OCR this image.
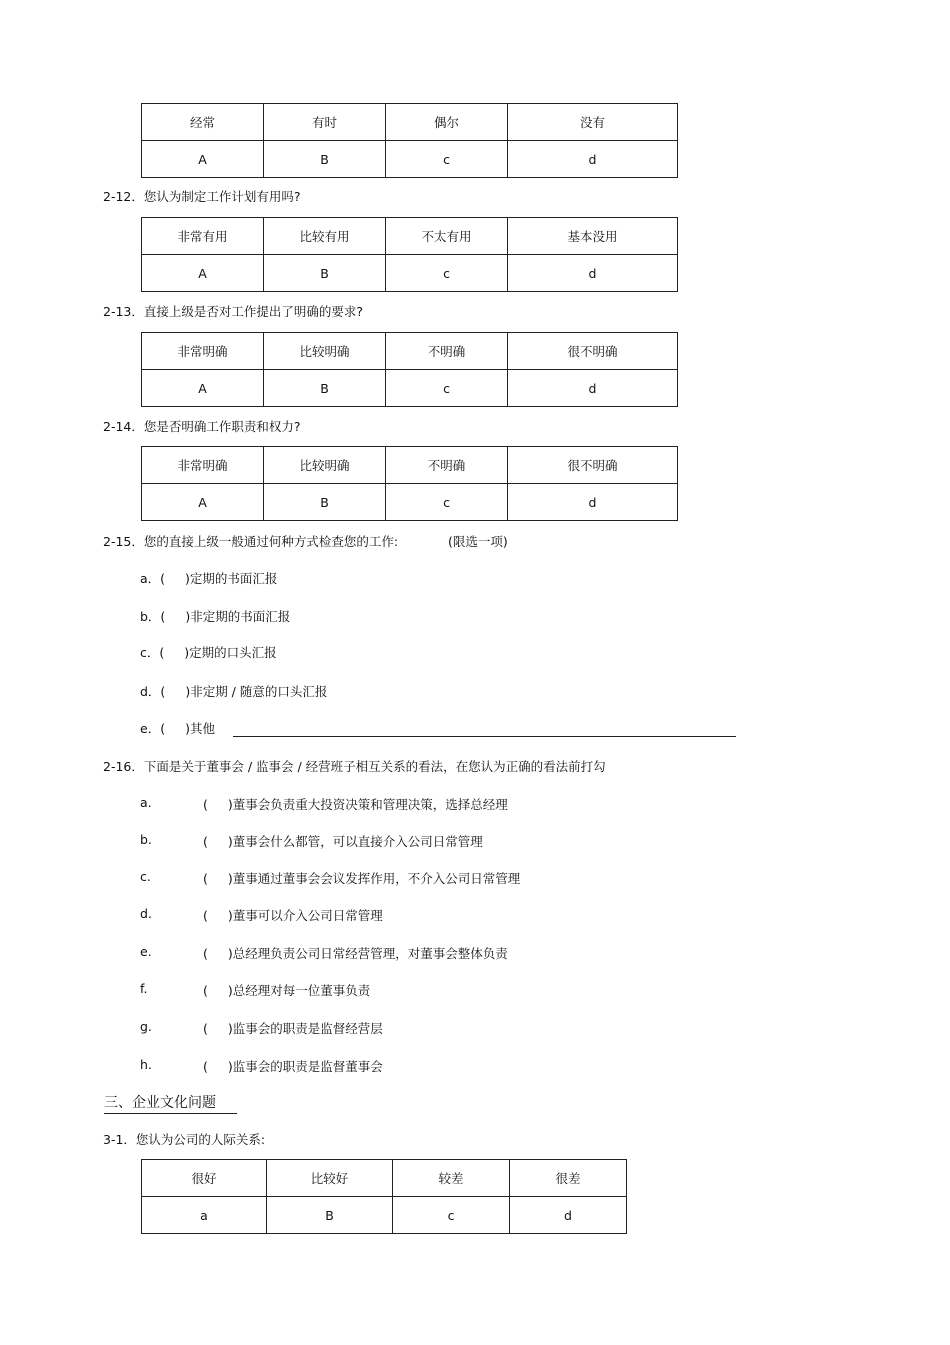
经常	有时	偶尔	没有
A	B	c	d
2-12．您认为制定工作计划有用吗?
非常有用	比较有用	不太有用	基本没用
A	B	c	d
2-13．直接上级是否对工作提出了明确的要求?
非常明确	比较明确	不明确	很不明确
A	B	c	d
2-14．您是否明确工作职责和权力?
非常明确	比较明确	不明确	很不明确
A	B	c	d
2-15．您的直接上级一般通过何种方式检查您的工作:	(限选一项)
a．( )定期的书面汇报
b．( )非定期的书面汇报
c．( )定期的口头汇报
d．( )非定期 / 随意的口头汇报
e．( )其他
2-16．下面是关于董事会 / 监事会 / 经营班子相互关系的看法，在您认为正确的看法前打勾
a.	( )董事会负责重大投资决策和管理决策，选择总经理
b.	( )董事会什么都管，可以直接介入公司日常管理
c.	( )董事通过董事会会议发挥作用，不介入公司日常管理
d.	( )董事可以介入公司日常管理
e.	( )总经理负责公司日常经营管理，对董事会整体负责
f.	( )总经理对每一位董事负责
g.	( )监事会的职责是监督经营层
h.	( )监事会的职责是监督董事会
三、企业文化问题
3-1．您认为公司的人际关系:
很好	比较好	较差	很差
a	B	c	d
